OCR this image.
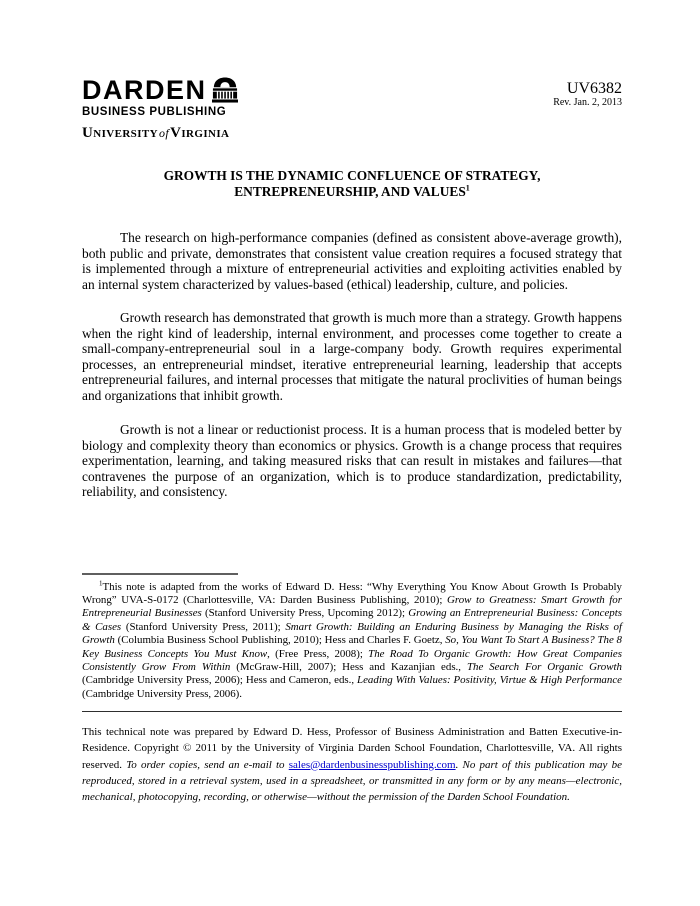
DARDEN
BUSINESS PUBLISHING
UniversityofVirginia
UV6382
Rev. Jan. 2, 2013
GROWTH IS THE DYNAMIC CONFLUENCE OF STRATEGY,
ENTREPRENEURSHIP, AND VALUES$^1$

The research on high-performance companies (defined as consistent above-average growth), both public and private, demonstrates that consistent value creation requires a focused strategy that is implemented through a mixture of entrepreneurial activities and exploiting activities enabled by an internal system characterized by values-based (ethical) leadership, culture, and policies.

Growth research has demonstrated that growth is much more than a strategy. Growth happens when the right kind of leadership, internal environment, and processes come together to create a small-company-entrepreneurial soul in a large-company body. Growth requires experimental processes, an entrepreneurial mindset, iterative entrepreneurial learning, leadership that accepts entrepreneurial failures, and internal processes that mitigate the natural proclivities of human beings and organizations that inhibit growth.

Growth is not a linear or reductionist process. It is a human process that is modeled better by biology and complexity theory than economics or physics. Growth is a change process that requires experimentation, learning, and taking measured risks that can result in mistakes and failures—that contravenes the purpose of an organization, which is to produce standardization, predictability, reliability, and consistency.

$^1$This note is adapted from the works of Edward D. Hess: “Why Everything You Know About Growth Is Probably Wrong” UVA-S-0172 (Charlottesville, VA: Darden Business Publishing, 2010); Grow to Greatness: Smart Growth for Entrepreneurial Businesses (Stanford University Press, Upcoming 2012); Growing an Entrepreneurial Business: Concepts & Cases (Stanford University Press, 2011); Smart Growth: Building an Enduring Business by Managing the Risks of Growth (Columbia Business School Publishing, 2010); Hess and Charles F. Goetz, So, You Want To Start A Business? The 8 Key Business Concepts You Must Know, (Free Press, 2008); The Road To Organic Growth: How Great Companies Consistently Grow From Within (McGraw-Hill, 2007); Hess and Kazanjian eds., The Search For Organic Growth (Cambridge University Press, 2006); Hess and Cameron, eds., Leading With Values: Positivity, Virtue & High Performance (Cambridge University Press, 2006).

This technical note was prepared by Edward D. Hess, Professor of Business Administration and Batten Executive-in-Residence. Copyright © 2011 by the University of Virginia Darden School Foundation, Charlottesville, VA. All rights reserved. To order copies, send an e-mail to sales@dardenbusinesspublishing.com. No part of this publication may be reproduced, stored in a retrieval system, used in a spreadsheet, or transmitted in any form or by any means—electronic, mechanical, photocopying, recording, or otherwise—without the permission of the Darden School Foundation.
